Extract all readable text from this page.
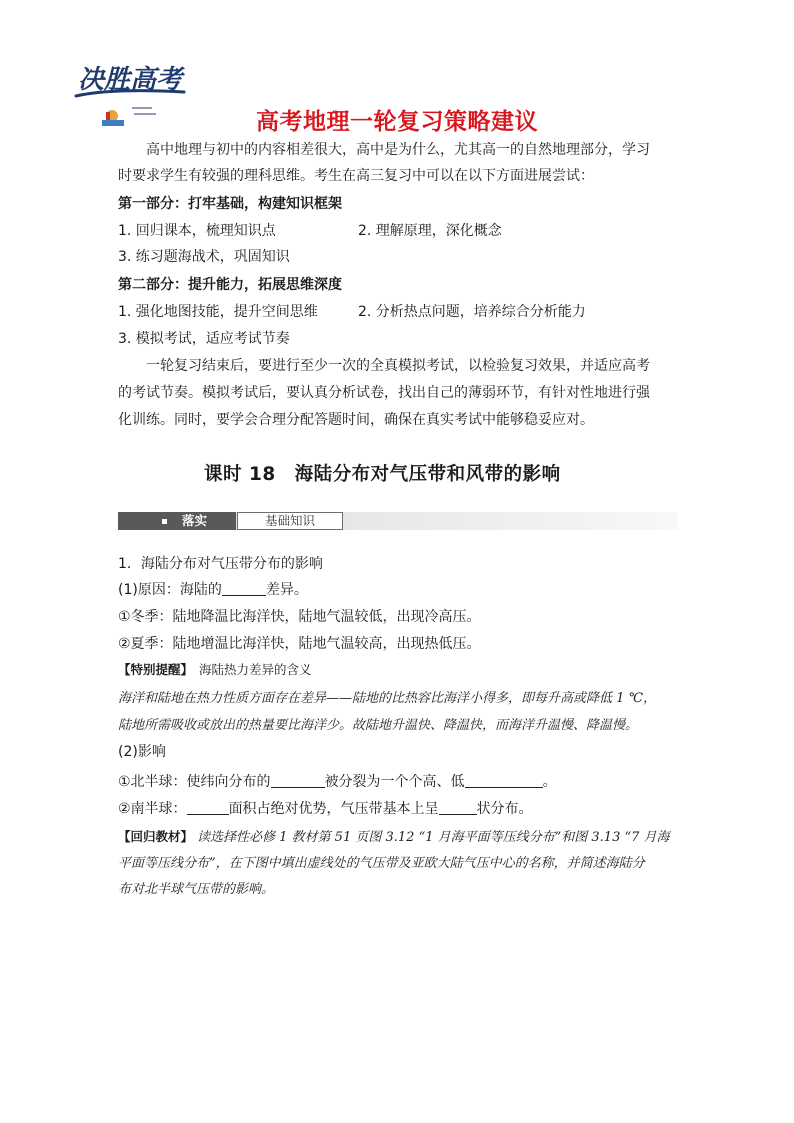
决胜高考
高考地理一轮复习策略建议
高中地理与初中的内容相差很大，高中是为什么，尤其高一的自然地理部分，学习
时要求学生有较强的理科思维。考生在高三复习中可以在以下方面进展尝试：
第一部分：打牢基础，构建知识框架
1. 回归课本，梳理知识点	2. 理解原理，深化概念
3. 练习题海战术，巩固知识
第二部分：提升能力，拓展思维深度
1. 强化地图技能，提升空间思维	2. 分析热点问题，培养综合分析能力
3. 模拟考试，适应考试节奏
一轮复习结束后，要进行至少一次的全真模拟考试，以检验复习效果，并适应高考
的考试节奏。模拟考试后，要认真分析试卷，找出自己的薄弱环节，有针对性地进行强
化训练。同时，要学会合理分配答题时间，确保在真实考试中能够稳妥应对。
课时 18　海陆分布对气压带和风带的影响
落实	基础知识
1．海陆分布对气压带分布的影响
(1)原因：海陆的	差异。
①冬季：陆地降温比海洋快，陆地气温较低，出现冷高压。
②夏季：陆地增温比海洋快，陆地气温较高，出现热低压。
【特别提醒】 海陆热力差异的含义
海洋和陆地在热力性质方面存在差异——陆地的比热容比海洋小得多，即每升高或降低 1 ℃，
陆地所需吸收或放出的热量要比海洋少。故陆地升温快、降温快，而海洋升温慢、降温慢。
(2)影响
①北半球：使纬向分布的	被分裂为一个个高、低	。
②南半球：	面积占绝对优势，气压带基本上呈	状分布。
【回归教材】 读选择性必修 1 教材第 51 页图 3.12 “1 月海平面等压线分布”和图 3.13 “7 月海
平面等压线分布”，在下图中填出虚线处的气压带及亚欧大陆气压中心的名称，并简述海陆分
布对北半球气压带的影响。
